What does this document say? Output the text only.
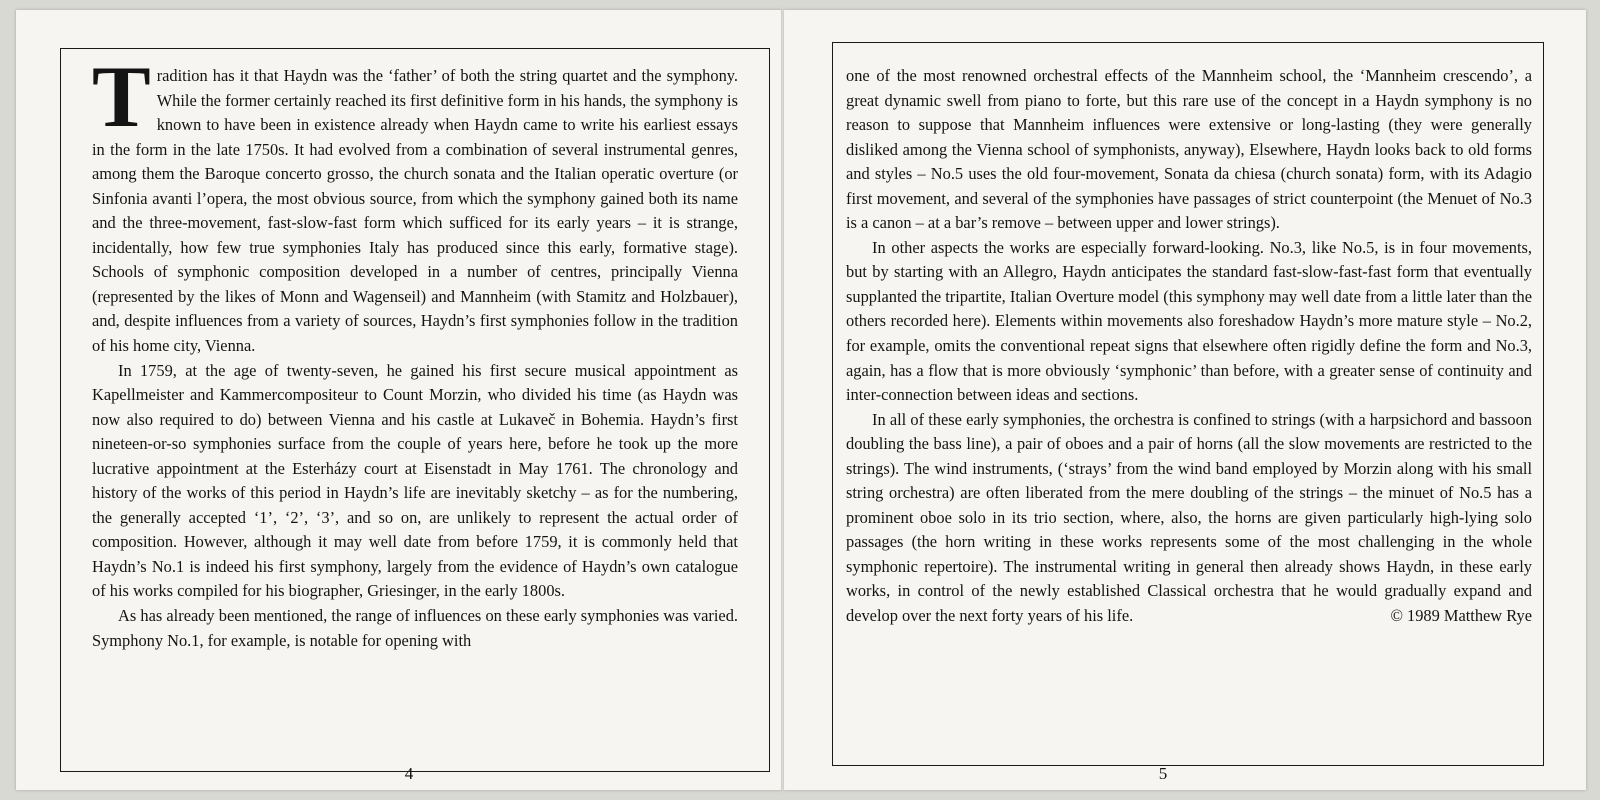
Tradition has it that Haydn was the ‘father’ of both the string quartet and the symphony. While the former certainly reached its first definitive form in his hands, the symphony is known to have been in existence already when Haydn came to write his earliest essays in the form in the late 1750s. It had evolved from a combination of several instrumental genres, among them the Baroque concerto grosso, the church sonata and the Italian operatic overture (or Sinfonia avanti l’opera, the most obvious source, from which the symphony gained both its name and the three-movement, fast-slow-fast form which sufficed for its early years – it is strange, incidentally, how few true symphonies Italy has produced since this early, formative stage). Schools of symphonic composition developed in a number of centres, principally Vienna (represented by the likes of Monn and Wagenseil) and Mannheim (with Stamitz and Holzbauer), and, despite influences from a variety of sources, Haydn’s first symphonies follow in the tradition of his home city, Vienna.

In 1759, at the age of twenty-seven, he gained his first secure musical appointment as Kapellmeister and Kammercompositeur to Count Morzin, who divided his time (as Haydn was now also required to do) between Vienna and his castle at Lukaveč in Bohemia. Haydn’s first nineteen-or-so symphonies surface from the couple of years here, before he took up the more lucrative appointment at the Esterházy court at Eisenstadt in May 1761. The chronology and history of the works of this period in Haydn’s life are inevitably sketchy – as for the numbering, the generally accepted ‘1’, ‘2’, ‘3’, and so on, are unlikely to represent the actual order of composition. However, although it may well date from before 1759, it is commonly held that Haydn’s No.1 is indeed his first symphony, largely from the evidence of Haydn’s own catalogue of his works compiled for his biographer, Griesinger, in the early 1800s.

As has already been mentioned, the range of influences on these early symphonies was varied. Symphony No.1, for example, is notable for opening with

4

one of the most renowned orchestral effects of the Mannheim school, the ‘Mannheim crescendo’, a great dynamic swell from piano to forte, but this rare use of the concept in a Haydn symphony is no reason to suppose that Mannheim influences were extensive or long-lasting (they were generally disliked among the Vienna school of symphonists, anyway), Elsewhere, Haydn looks back to old forms and styles – No.5 uses the old four-movement, Sonata da chiesa (church sonata) form, with its Adagio first movement, and several of the symphonies have passages of strict counterpoint (the Menuet of No.3 is a canon – at a bar’s remove – between upper and lower strings).

In other aspects the works are especially forward-looking. No.3, like No.5, is in four movements, but by starting with an Allegro, Haydn anticipates the standard fast-slow-fast-fast form that eventually supplanted the tripartite, Italian Overture model (this symphony may well date from a little later than the others recorded here). Elements within movements also foreshadow Haydn’s more mature style – No.2, for example, omits the conventional repeat signs that elsewhere often rigidly define the form and No.3, again, has a flow that is more obviously ‘symphonic’ than before, with a greater sense of continuity and inter-connection between ideas and sections.

In all of these early symphonies, the orchestra is confined to strings (with a harpsichord and bassoon doubling the bass line), a pair of oboes and a pair of horns (all the slow movements are restricted to the strings). The wind instruments, (‘strays’ from the wind band employed by Morzin along with his small string orchestra) are often liberated from the mere doubling of the strings – the minuet of No.5 has a prominent oboe solo in its trio section, where, also, the horns are given particularly high-lying solo passages (the horn writing in these works represents some of the most challenging in the whole symphonic repertoire). The instrumental writing in general then already shows Haydn, in these early works, in control of the newly established Classical orchestra that he would gradually expand and develop over the next forty years of his life.	© 1989 Matthew Rye

5
